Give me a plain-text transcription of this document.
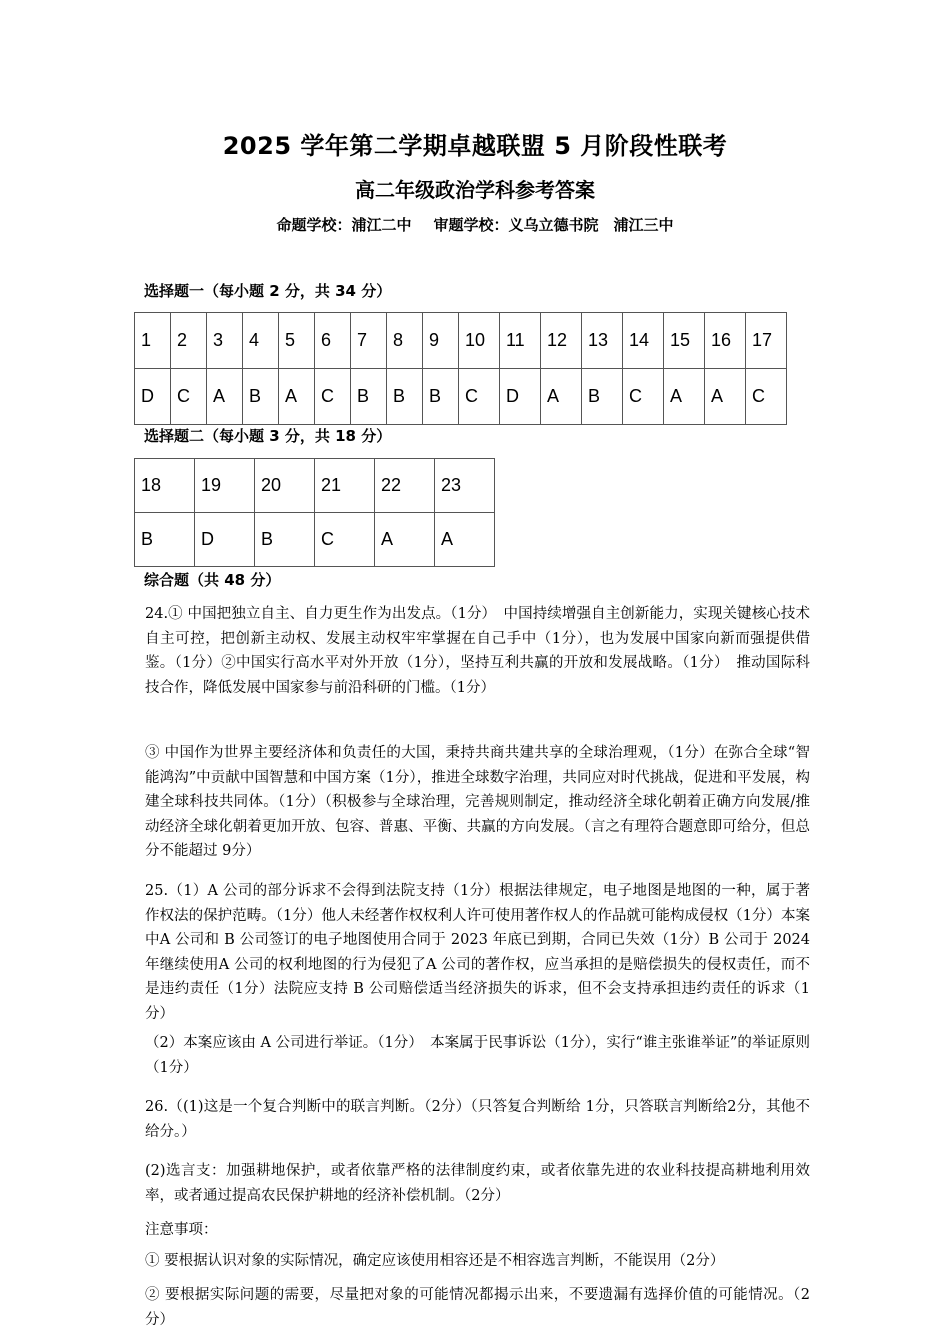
2025 学年第二学期卓越联盟 5 月阶段性联考
高二年级政治学科参考答案
命题学校：浦江二中 审题学校：义乌立德书院　浦江三中
选择题一（每小题 2 分，共 34 分）
1	2	3	4	5	6	7	8	9	10	11	12	13	14	15	16	17
D	C	A	B	A	C	B	B	B	C	D	A	B	C	A	A	C
选择题二（每小题 3 分，共 18 分）
18	19	20	21	22	23
B	D	B	C	A	A
综合题（共 48 分）

24.① 中国把独立自主、自力更生作为出发点。（1分）　中国持续增强自主创新能力，实现关键核心技术自主可控，把创新主动权、发展主动权牢牢掌握在自己手中（1分），也为发展中国家向新而强提供借鉴。（1分）②中国实行高水平对外开放（1分），坚持互利共赢的开放和发展战略。（1分）　推动国际科技合作，降低发展中国家参与前沿科研的门槛。（1分）

③ 中国作为世界主要经济体和负责任的大国，秉持共商共建共享的全球治理观，（1分）在弥合全球“智能鸿沟”中贡献中国智慧和中国方案（1分），推进全球数字治理，共同应对时代挑战，促进和平发展，构建全球科技共同体。（1分）（积极参与全球治理，完善规则制定，推动经济全球化朝着正确方向发展/推动经济全球化朝着更加开放、包容、普惠、平衡、共赢的方向发展。（言之有理符合题意即可给分，但总分不能超过 9分）

25.（1）A 公司的部分诉求不会得到法院支持（1分）根据法律规定，电子地图是地图的一种，属于著作权法的保护范畴。（1分）他人未经著作权权利人许可使用著作权人的作品就可能构成侵权（1分）本案中A 公司和 B 公司签订的电子地图使用合同于 2023 年底已到期，合同已失效（1分）B 公司于 2024 年继续使用A 公司的权利地图的行为侵犯了A 公司的著作权，应当承担的是赔偿损失的侵权责任，而不是违约责任（1分）法院应支持 B 公司赔偿适当经济损失的诉求，但不会支持承担违约责任的诉求（1分）

（2）本案应该由 A 公司进行举证。（1分）　本案属于民事诉讼（1分），实行“谁主张谁举证”的举证原则（1分）

26.（(1)这是一个复合判断中的联言判断。（2分）（只答复合判断给 1分，只答联言判断给2分，其他不给分。）

(2)选言支：加强耕地保护，或者依靠严格的法律制度约束，或者依靠先进的农业科技提高耕地利用效率，或者通过提高农民保护耕地的经济补偿机制。（2分）

注意事项：

① 要根据认识对象的实际情况，确定应该使用相容还是不相容选言判断，不能误用（2分）

② 要根据实际问题的需要，尽量把对象的可能情况都揭示出来，不要遗漏有选择价值的可能情况。（2分）
